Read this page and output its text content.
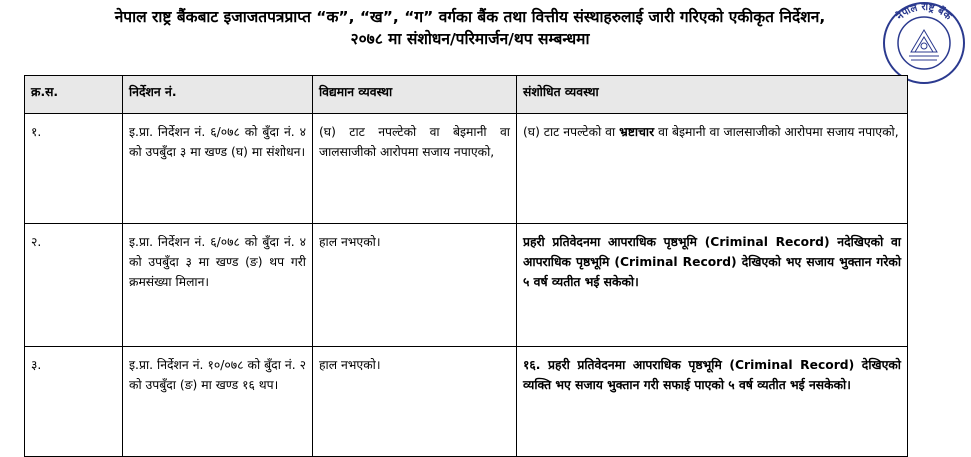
नेपाल राष्ट्र बैंकबाट इजाजतपत्रप्राप्त “क”, “ख”, “ग” वर्गका बैंक तथा वित्तीय संस्थाहरुलाई जारी गरिएको एकीकृत निर्देशन,
२०७८ मा संशोधन/परिमार्जन/थप सम्बन्धमा
नेपाल राष्ट्र बैंक
क्र.स.	निर्देशन नं.	विद्यमान व्यवस्था	संशोधित व्यवस्था
१.	इ.प्रा. निर्देशन नं. ६/०७८ को बुँदा नं. ४ को उपबुँदा ३ मा खण्ड (घ) मा संशोधन।	(घ) टाट नपल्टेको वा बेइमानी वा जालसाजीको आरोपमा सजाय नपाएको,	(घ) टाट नपल्टेको वा भ्रष्टाचार वा बेइमानी वा जालसाजीको आरोपमा सजाय नपाएको,
२.	इ.प्रा. निर्देशन नं. ६/०७८ को बुँदा नं. ४ को उपबुँदा ३ मा खण्ड (ङ) थप गरी क्रमसंख्या मिलान।	हाल नभएको।	प्रहरी प्रतिवेदनमा आपराधिक पृष्ठभूमि (Criminal Record) नदेखिएको वा आपराधिक पृष्ठभूमि (Criminal Record) देखिएको भए सजाय भुक्तान गरेको ५ वर्ष व्यतीत भई सकेको।
३.	इ.प्रा. निर्देशन नं. १०/०७८ को बुँदा नं. २ को उपबुँदा (ङ) मा खण्ड १६ थप।	हाल नभएको।	१६. प्रहरी प्रतिवेदनमा आपराधिक पृष्ठभूमि (Criminal Record) देखिएको व्यक्ति भए सजाय भुक्तान गरी सफाई पाएको ५ वर्ष व्यतीत भई नसकेको।
